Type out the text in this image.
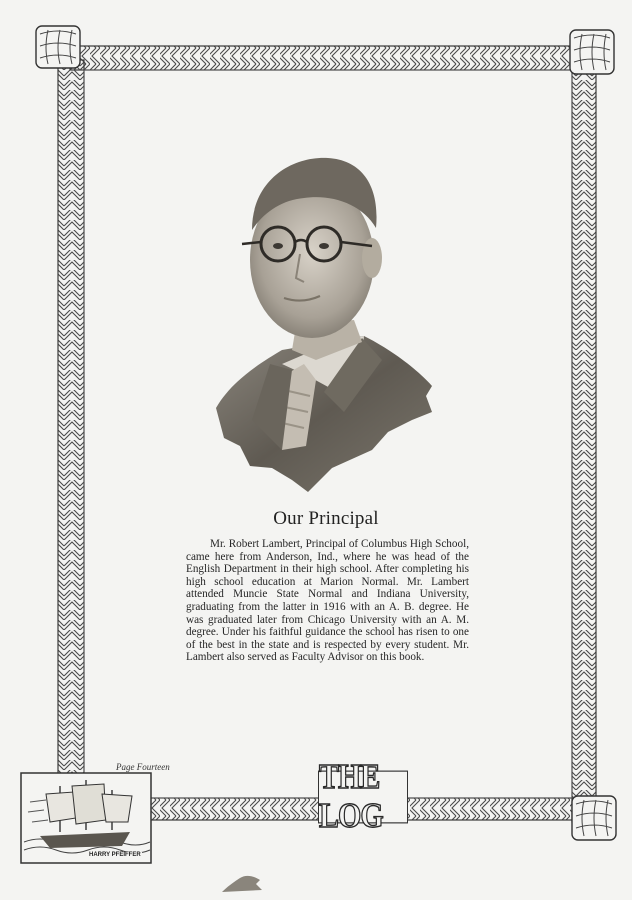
Our Principal

Mr. Robert Lambert, Principal of Columbus High School, came here from Anderson, Ind., where he was head of the English Department in their high school. After completing his high school education at Marion Normal. Mr. Lambert attended Muncie State Normal and Indiana University, graduating from the latter in 1916 with an A. B. degree. He was graduated later from Chicago University with an A. M. degree. Under his faithful guidance the school has risen to one of the best in the state and is respected by every student. Mr. Lambert also served as Faculty Advisor on this book.

Page Fourteen
HARRY PFEIFFER
THE LOG
